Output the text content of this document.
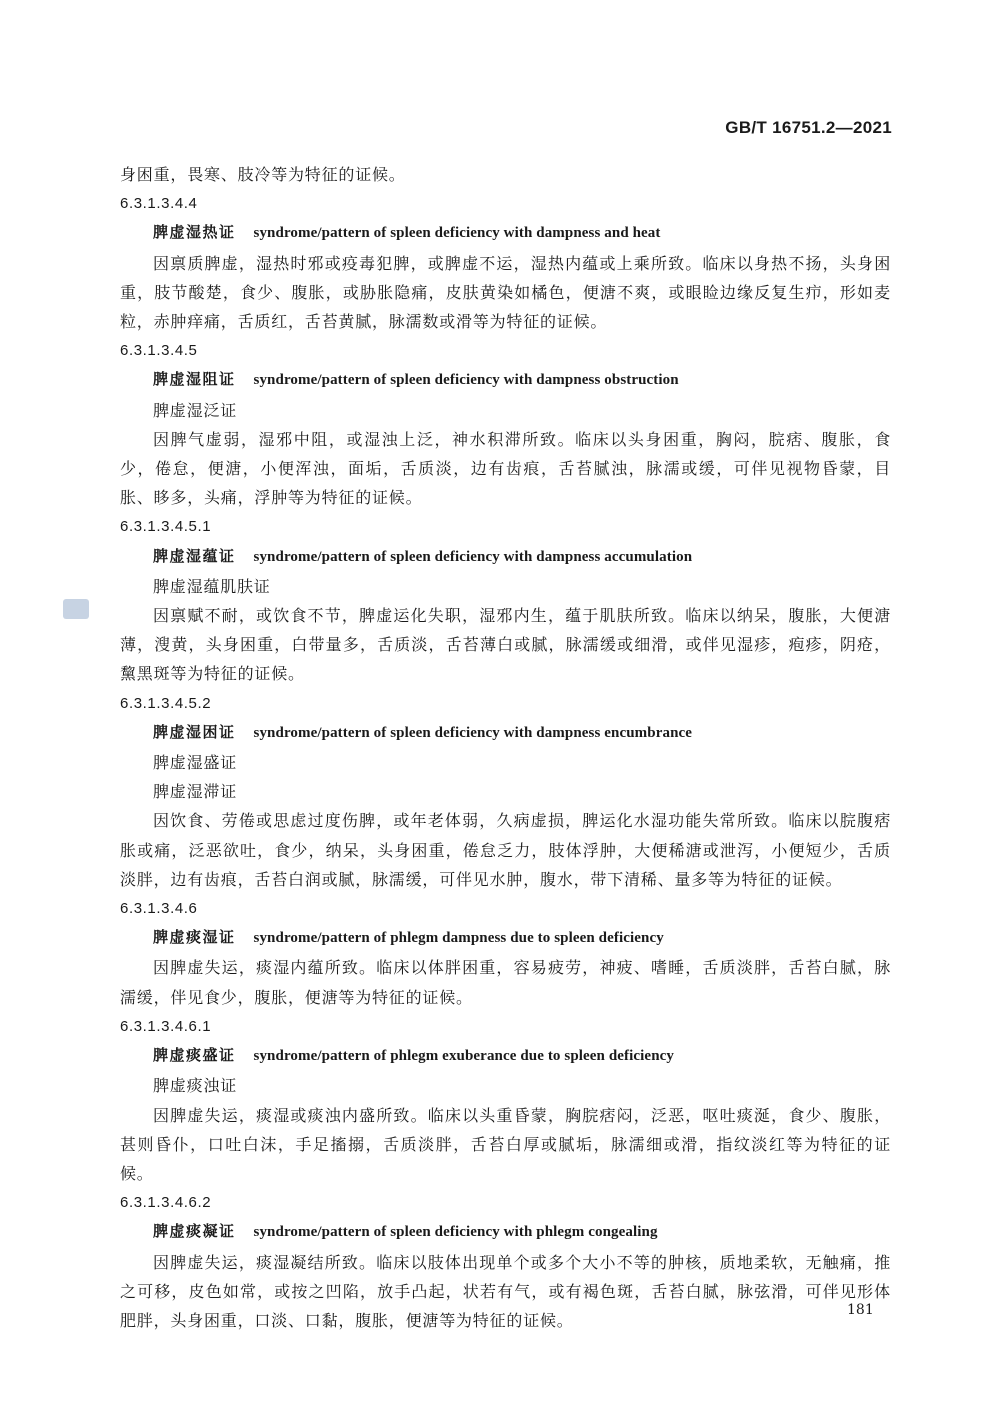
GB/T 16751.2—2021
身困重，畏寒、肢冷等为特征的证候。
6.3.1.3.4.4
脾虚湿热证 syndrome/pattern of spleen deficiency with dampness and heat
因禀质脾虚，湿热时邪或疫毒犯脾，或脾虚不运，湿热内蕴或上乘所致。临床以身热不扬，头身困重，肢节酸楚，食少、腹胀，或胁胀隐痛，皮肤黄染如橘色，便溏不爽，或眼睑边缘反复生疖，形如麦粒，赤肿痒痛，舌质红，舌苔黄腻，脉濡数或滑等为特征的证候。
6.3.1.3.4.5
脾虚湿阻证 syndrome/pattern of spleen deficiency with dampness obstruction
脾虚湿泛证
因脾气虚弱，湿邪中阻，或湿浊上泛，神水积滞所致。临床以头身困重，胸闷，脘痞、腹胀，食少，倦怠，便溏，小便浑浊，面垢，舌质淡，边有齿痕，舌苔腻浊，脉濡或缓，可伴见视物昏蒙，目胀、眵多，头痛，浮肿等为特征的证候。
6.3.1.3.4.5.1
脾虚湿蕴证 syndrome/pattern of spleen deficiency with dampness accumulation
脾虚湿蕴肌肤证
因禀赋不耐，或饮食不节，脾虚运化失职，湿邪内生，蕴于肌肤所致。临床以纳呆，腹胀，大便溏薄，溲黄，头身困重，白带量多，舌质淡，舌苔薄白或腻，脉濡缓或细滑，或伴见湿疹，疱疹，阴疮，黧黑斑等为特征的证候。
6.3.1.3.4.5.2
脾虚湿困证 syndrome/pattern of spleen deficiency with dampness encumbrance
脾虚湿盛证
脾虚湿滞证
因饮食、劳倦或思虑过度伤脾，或年老体弱，久病虚损，脾运化水湿功能失常所致。临床以脘腹痞胀或痛，泛恶欲吐，食少，纳呆，头身困重，倦怠乏力，肢体浮肿，大便稀溏或泄泻，小便短少，舌质淡胖，边有齿痕，舌苔白润或腻，脉濡缓，可伴见水肿，腹水，带下清稀、量多等为特征的证候。
6.3.1.3.4.6
脾虚痰湿证 syndrome/pattern of phlegm dampness due to spleen deficiency
因脾虚失运，痰湿内蕴所致。临床以体胖困重，容易疲劳，神疲、嗜睡，舌质淡胖，舌苔白腻，脉濡缓，伴见食少，腹胀，便溏等为特征的证候。
6.3.1.3.4.6.1
脾虚痰盛证 syndrome/pattern of phlegm exuberance due to spleen deficiency
脾虚痰浊证
因脾虚失运，痰湿或痰浊内盛所致。临床以头重昏蒙，胸脘痞闷，泛恶，呕吐痰涎，食少、腹胀，甚则昏仆，口吐白沫，手足搐搦，舌质淡胖，舌苔白厚或腻垢，脉濡细或滑，指纹淡红等为特征的证候。
6.3.1.3.4.6.2
脾虚痰凝证 syndrome/pattern of spleen deficiency with phlegm congealing
因脾虚失运，痰湿凝结所致。临床以肢体出现单个或多个大小不等的肿核，质地柔软，无触痛，推之可移，皮色如常，或按之凹陷，放手凸起，状若有气，或有褐色斑，舌苔白腻，脉弦滑，可伴见形体肥胖，头身困重，口淡、口黏，腹胀，便溏等为特征的证候。
181
